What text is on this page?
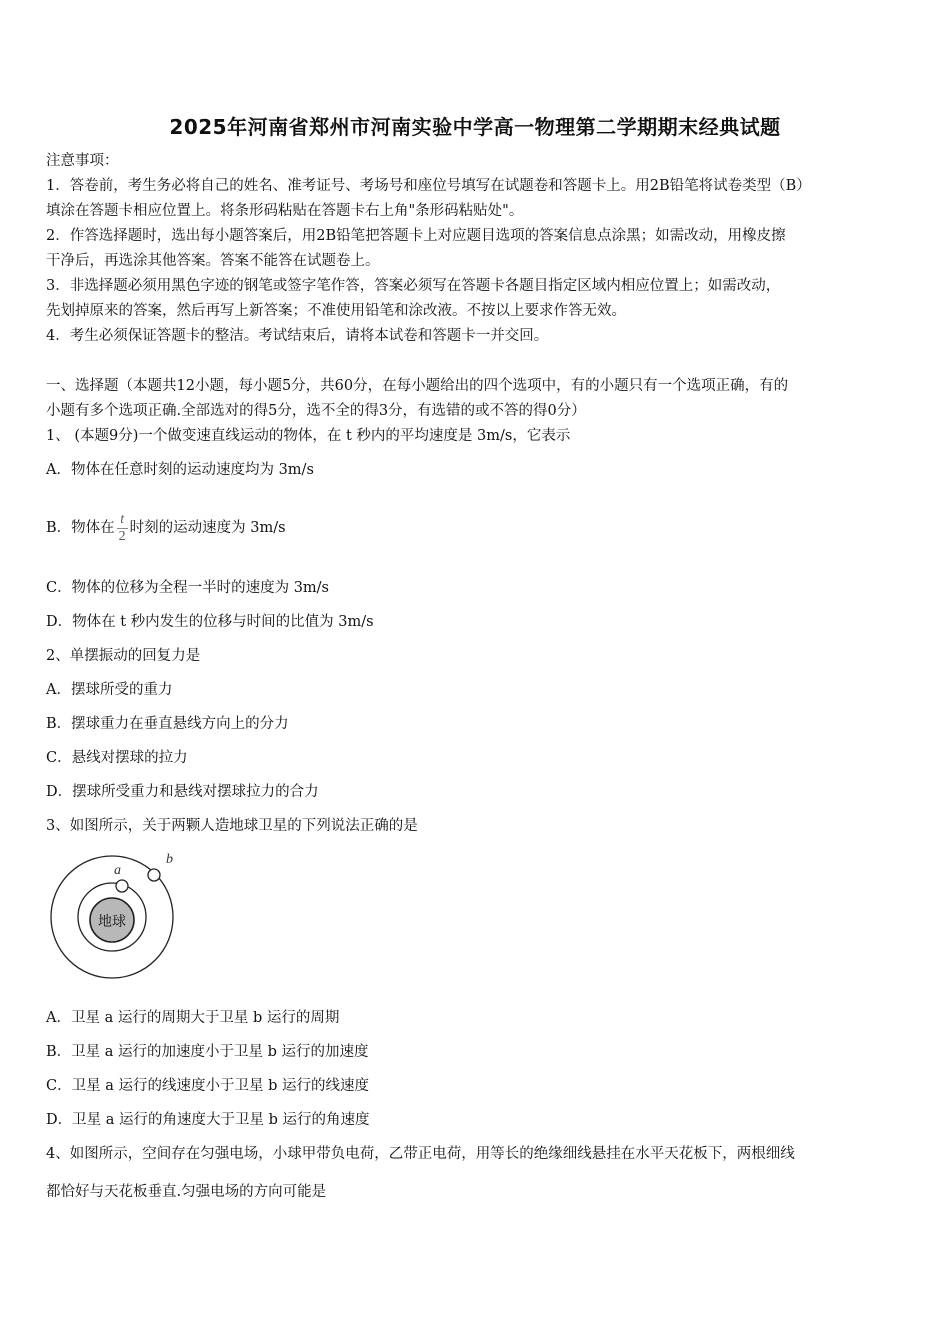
2025年河南省郑州市河南实验中学高一物理第二学期期末经典试题
注意事项：
1．答卷前，考生务必将自己的姓名、准考证号、考场号和座位号填写在试题卷和答题卡上。用2B铅笔将试卷类型（B）
填涂在答题卡相应位置上。将条形码粘贴在答题卡右上角"条形码粘贴处"。
2．作答选择题时，选出每小题答案后，用2B铅笔把答题卡上对应题目选项的答案信息点涂黑；如需改动，用橡皮擦
干净后，再选涂其他答案。答案不能答在试题卷上。
3．非选择题必须用黑色字迹的钢笔或签字笔作答，答案必须写在答题卡各题目指定区域内相应位置上；如需改动，
先划掉原来的答案，然后再写上新答案；不准使用铅笔和涂改液。不按以上要求作答无效。
4．考生必须保证答题卡的整洁。考试结束后，请将本试卷和答题卡一并交回。
一、选择题（本题共12小题，每小题5分，共60分，在每小题给出的四个选项中，有的小题只有一个选项正确，有的
小题有多个选项正确.全部选对的得5分，选不全的得3分，有选错的或不答的得0分）
1、 (本题9分)一个做变速直线运动的物体，在 t 秒内的平均速度是 3m/s，它表示
A．物体在任意时刻的运动速度均为 3m/s
B．物体在 $\frac{t}{2}$ 时刻的运动速度为 3m/s
C．物体的位移为全程一半时的速度为 3m/s
D．物体在 t 秒内发生的位移与时间的比值为 3m/s
2、单摆振动的回复力是
A．摆球所受的重力
B．摆球重力在垂直悬线方向上的分力
C．悬线对摆球的拉力
D．摆球所受重力和悬线对摆球拉力的合力
3、如图所示，关于两颗人造地球卫星的下列说法正确的是
地球
a
b
A．卫星 a 运行的周期大于卫星 b 运行的周期
B．卫星 a 运行的加速度小于卫星 b 运行的加速度
C．卫星 a 运行的线速度小于卫星 b 运行的线速度
D．卫星 a 运行的角速度大于卫星 b 运行的角速度
4、如图所示，空间存在匀强电场，小球甲带负电荷，乙带正电荷，用等长的绝缘细线悬挂在水平天花板下，两根细线
都恰好与天花板垂直.匀强电场的方向可能是
